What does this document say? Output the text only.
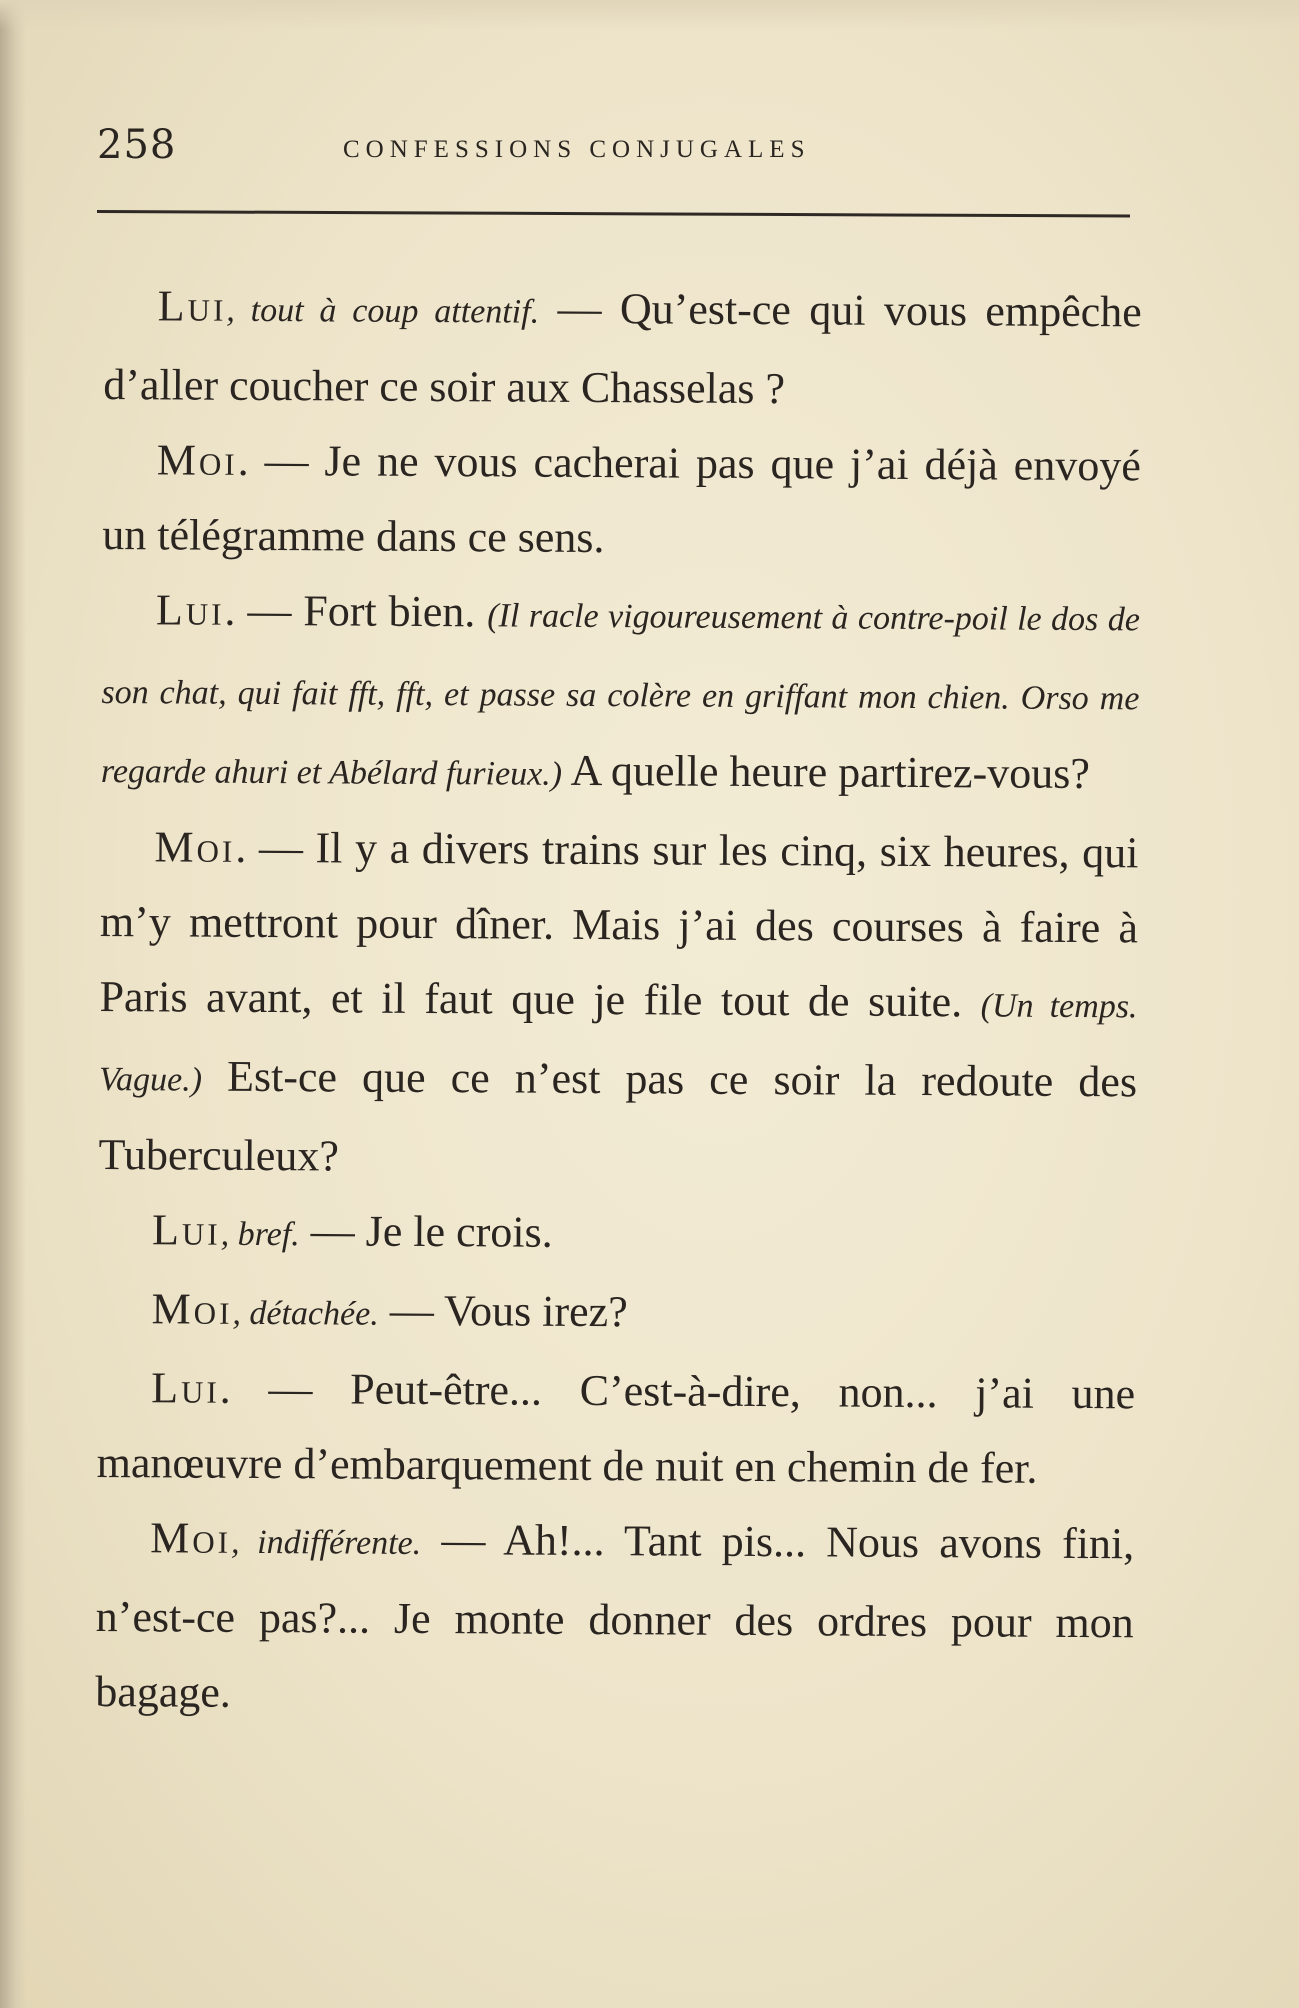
258	CONFESSIONS CONJUGALES

Lui, tout à coup attentif. — Qu’est-ce qui vous empêche d’aller coucher ce soir aux Chasselas ?

Moi. — Je ne vous cacherai pas que j’ai déjà envoyé un télégramme dans ce sens.

Lui. — Fort bien. (Il racle vigoureusement à contre-poil le dos de son chat, qui fait fft, fft, et passe sa colère en griffant mon chien. Orso me regarde ahuri et Abélard furieux.) A quelle heure partirez-vous?

Moi. — Il y a divers trains sur les cinq, six heures, qui m’y mettront pour dîner. Mais j’ai des courses à faire à Paris avant, et il faut que je file tout de suite. (Un temps. Vague.) Est-ce que ce n’est pas ce soir la redoute des Tuberculeux?

Lui, bref. — Je le crois.

Moi, détachée. — Vous irez?

Lui. — Peut-être... C’est-à-dire, non... j’ai une manœuvre d’embarquement de nuit en chemin de fer.

Moi, indifférente. — Ah!... Tant pis... Nous avons fini, n’est-ce pas?... Je monte donner des ordres pour mon bagage.
